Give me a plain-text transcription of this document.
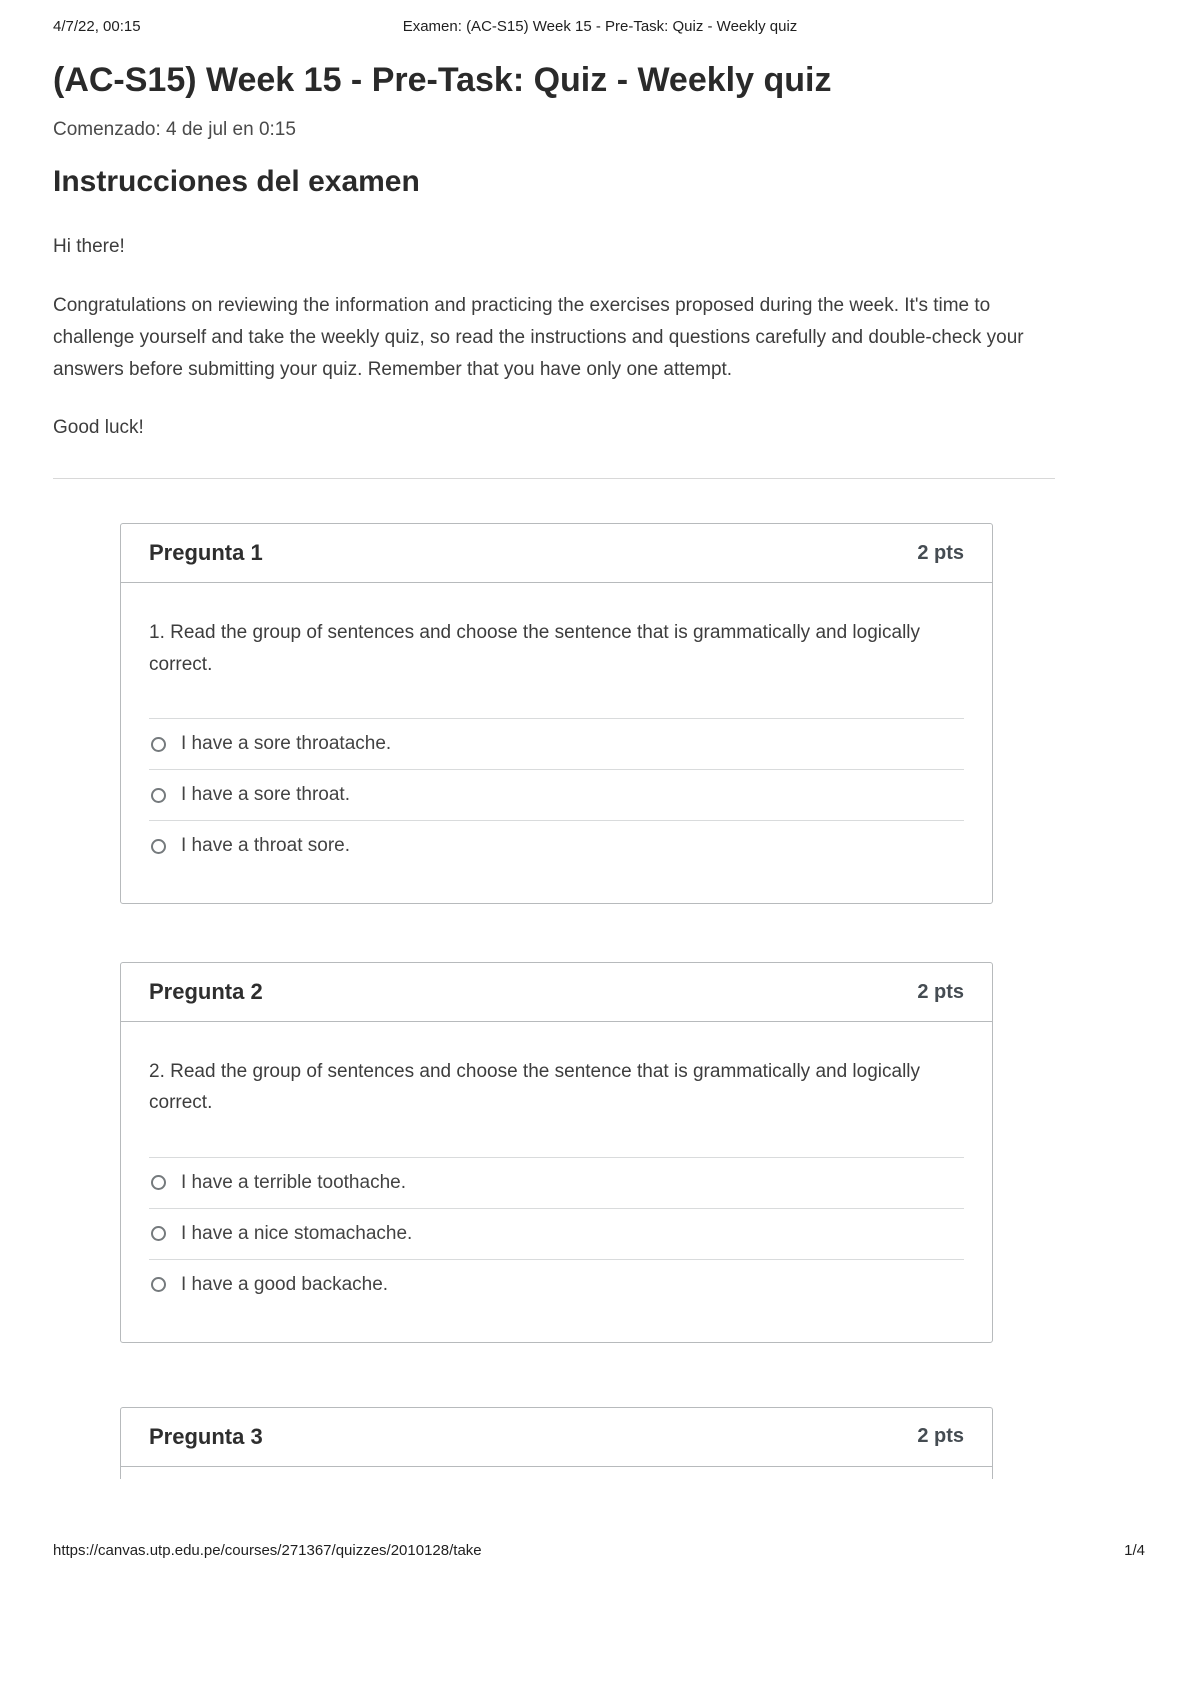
4/7/22, 00:15	Examen: (AC-S15) Week 15 - Pre-Task: Quiz - Weekly quiz
(AC-S15) Week 15 - Pre-Task: Quiz - Weekly quiz

Comenzado: 4 de jul en 0:15

Instrucciones del examen

Hi there!

Congratulations on reviewing the information and practicing the exercises proposed during the week. It's time to challenge yourself and take the weekly quiz, so read the instructions and questions carefully and double-check your answers before submitting your quiz. Remember that you have only one attempt.

Good luck!

Pregunta 1	2 pts

1. Read the group of sentences and choose the sentence that is grammatically and logically correct.

I have a sore throatache.
I have a sore throat.
I have a throat sore.
Pregunta 2	2 pts

2. Read the group of sentences and choose the sentence that is grammatically and logically correct.

I have a terrible toothache.
I have a nice stomachache.
I have a good backache.
Pregunta 3	2 pts
https://canvas.utp.edu.pe/courses/271367/quizzes/2010128/take	1/4
